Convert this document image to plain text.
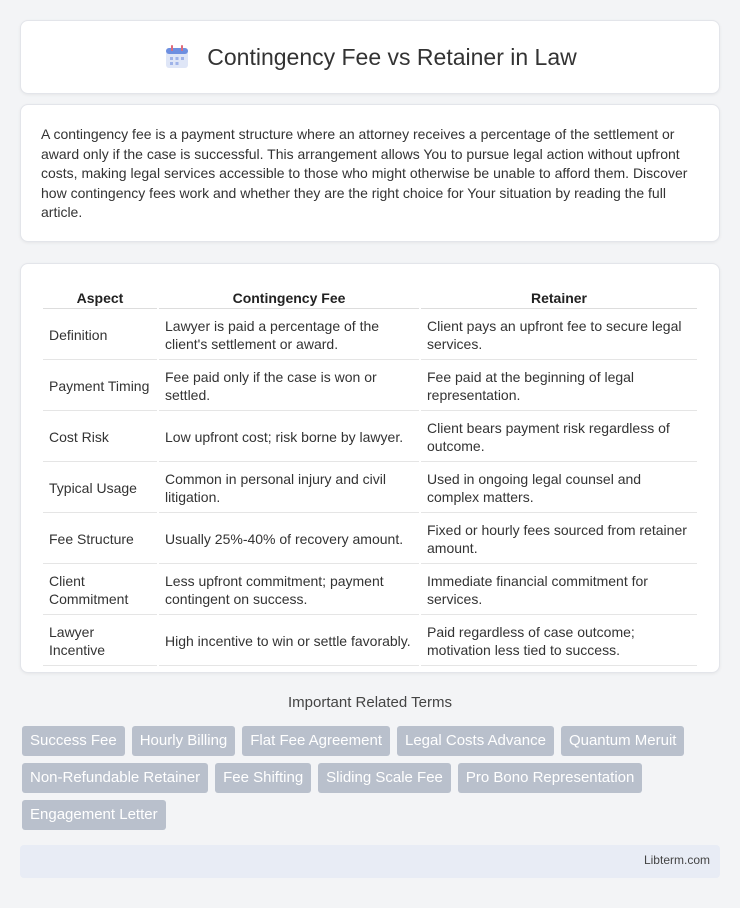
Contingency Fee vs Retainer in Law

A contingency fee is a payment structure where an attorney receives a percentage of the settlement or award only if the case is successful. This arrangement allows You to pursue legal action without upfront costs, making legal services accessible to those who might otherwise be unable to afford them. Discover how contingency fees work and whether they are the right choice for Your situation by reading the full article.

Aspect	Contingency Fee	Retainer
Definition	Lawyer is paid a percentage of the client's settlement or award.	Client pays an upfront fee to secure legal services.
Payment Timing	Fee paid only if the case is won or settled.	Fee paid at the beginning of legal representation.
Cost Risk	Low upfront cost; risk borne by lawyer.	Client bears payment risk regardless of outcome.
Typical Usage	Common in personal injury and civil litigation.	Used in ongoing legal counsel and complex matters.
Fee Structure	Usually 25%-40% of recovery amount.	Fixed or hourly fees sourced from retainer amount.
Client Commitment	Less upfront commitment; payment contingent on success.	Immediate financial commitment for services.
Lawyer Incentive	High incentive to win or settle favorably.	Paid regardless of case outcome; motivation less tied to success.
Important Related Terms
Success Fee	Hourly Billing	Flat Fee Agreement	Legal Costs Advance	Quantum Meruit
Non-Refundable Retainer	Fee Shifting	Sliding Scale Fee	Pro Bono Representation
Engagement Letter
Libterm.com
